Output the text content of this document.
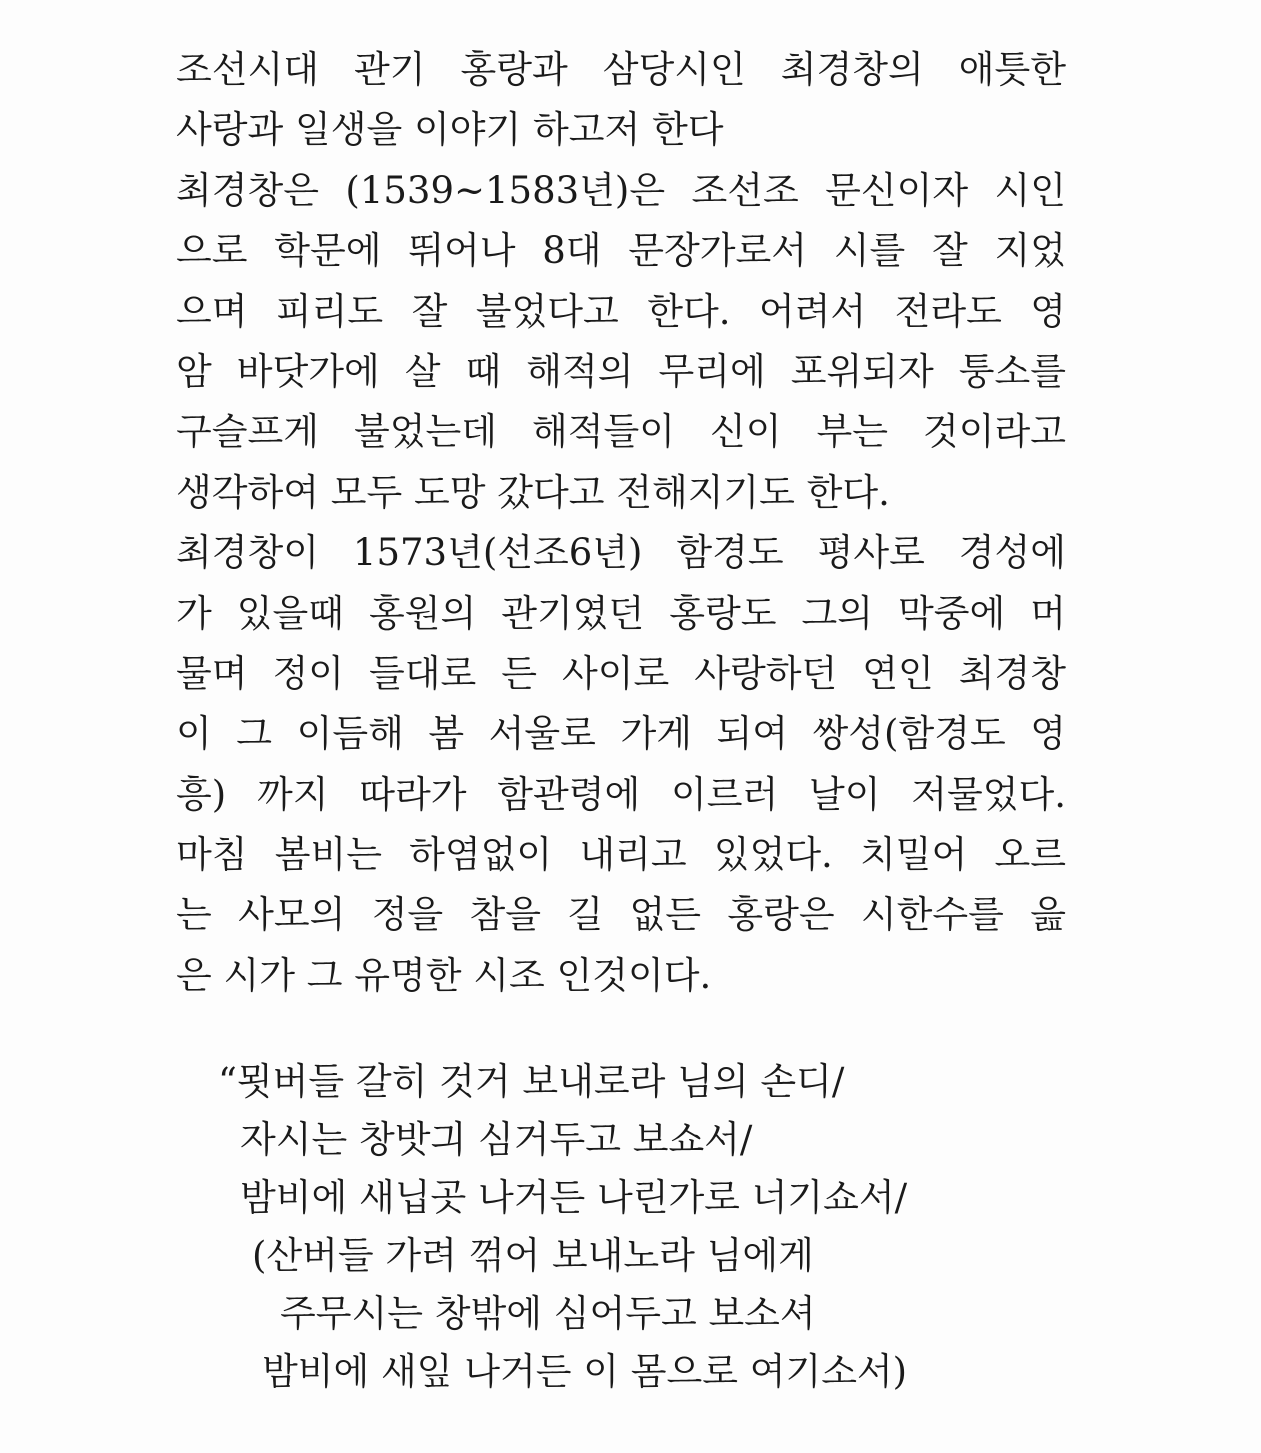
조선시대 관기 홍랑과 삼당시인 최경창의 애틋한
사랑과 일생을 이야기 하고저 한다
최경창은 (1539~1583년)은 조선조 문신이자 시인
으로 학문에 뛰어나 8대 문장가로서 시를 잘 지었
으며 피리도 잘 불었다고 한다. 어려서 전라도 영
암 바닷가에 살 때 해적의 무리에 포위되자 퉁소를
구슬프게 불었는데 해적들이 신이 부는 것이라고
생각하여 모두 도망 갔다고 전해지기도 한다.
최경창이 1573년(선조6년) 함경도 평사로 경성에
가 있을때 홍원의 관기였던 홍랑도 그의 막중에 머
물며 정이 들대로 든 사이로 사랑하던 연인 최경창
이 그 이듬해 봄 서울로 가게 되여 쌍성(함경도 영
흥) 까지 따라가 함관령에 이르러 날이 저물었다.
마침 봄비는 하염없이 내리고 있었다. 치밀어 오르
는 사모의 정을 참을 길 없든 홍랑은 시한수를 읊
은 시가 그 유명한 시조 인것이다.
“묏버들 갈히 것거 보내로라 님의 손디/
자시는 창밧긔 심거두고 보쇼서/
밤비에 새닙곳 나거든 나린가로 너기쇼서/
(산버들 가려 꺾어 보내노라 님에게
주무시는 창밖에 심어두고 보소셔
밤비에 새잎 나거든 이 몸으로 여기소서)
